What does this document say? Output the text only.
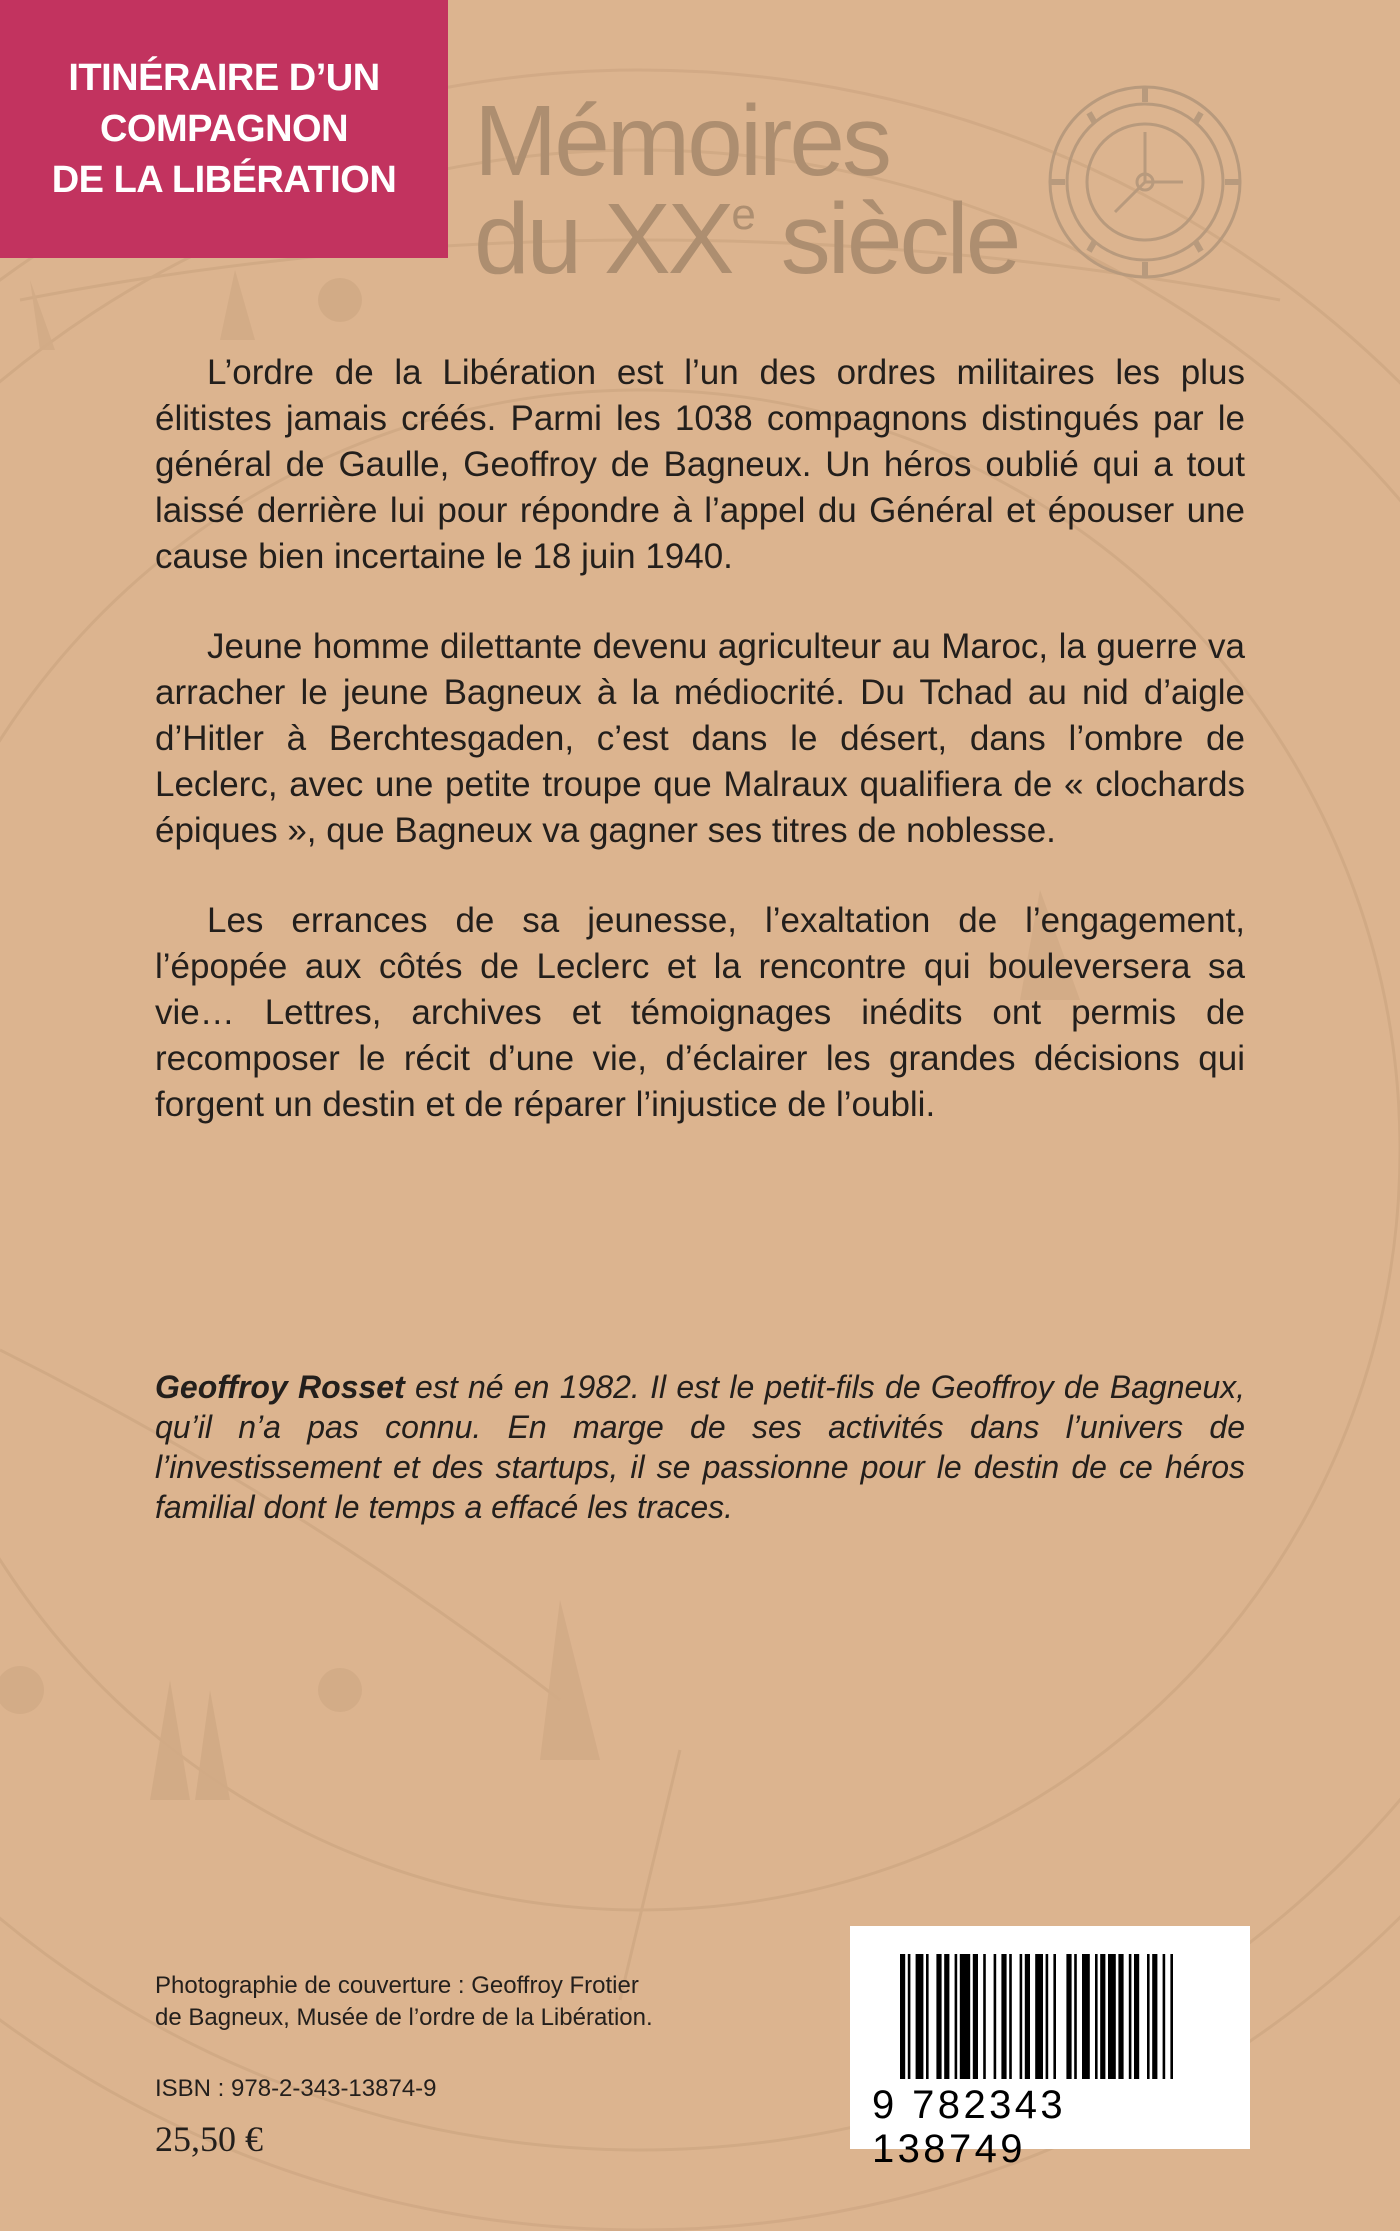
ITINÉRAIRE D’UN
COMPAGNON
DE LA LIBÉRATION Mémoires
du XXe siècle

L’ordre de la Libération est l’un des ordres militaires les plus élitistes jamais créés. Parmi les 1038 compagnons distingués par le général de Gaulle, Geoffroy de Bagneux. Un héros oublié qui a tout laissé derrière lui pour répondre à l’appel du Général et épouser une cause bien incertaine le 18 juin 1940.

Jeune homme dilettante devenu agriculteur au Maroc, la guerre va arracher le jeune Bagneux à la médiocrité. Du Tchad au nid d’aigle d’Hitler à Berchtesgaden, c’est dans le désert, dans l’ombre de Leclerc, avec une petite troupe que Malraux qualifiera de « clochards épiques », que Bagneux va gagner ses titres de noblesse.

Les errances de sa jeunesse, l’exaltation de l’engagement, l’épopée aux côtés de Leclerc et la rencontre qui bouleversera sa vie… Lettres, archives et témoignages inédits ont permis de recomposer le récit d’une vie, d’éclairer les grandes décisions qui forgent un destin et de réparer l’injustice de l’oubli.

Geoffroy Rosset est né en 1982. Il est le petit-fils de Geoffroy de Bagneux, qu’il n’a pas connu. En marge de ses activités dans l’univers de l’investissement et des startups, il se passionne pour le destin de ce héros familial dont le temps a effacé les traces.
Photographie de couverture : Geoffroy Frotier
de Bagneux, Musée de l’ordre de la Libération.
ISBN : 978-2-343-13874-9
25,50 €
9 782343 138749
